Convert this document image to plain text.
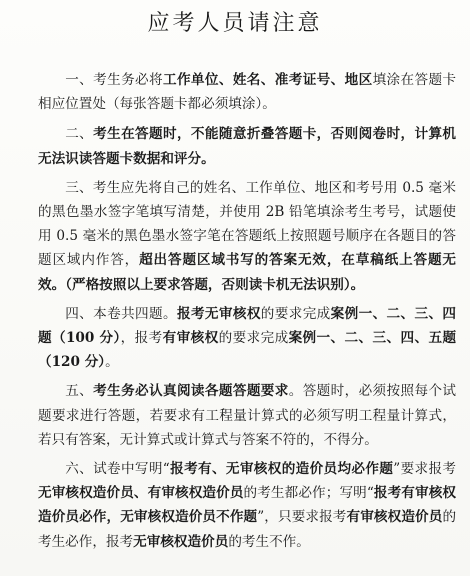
应考人员请注意

一、考生务必将工作单位、姓名、准考证号、地区填涂在答题卡相应位置处（每张答题卡都必须填涂）。

二、考生在答题时，不能随意折叠答题卡，否则阅卷时，计算机无法识读答题卡数据和评分。

三、考生应先将自己的姓名、工作单位、地区和考号用 0.5 毫米的黑色墨水签字笔填写清楚，并使用 2B 铅笔填涂考生考号，试题使用 0.5 毫米的黑色墨水签字笔在答题纸上按照题号顺序在各题目的答题区域内作答，超出答题区域书写的答案无效，在草稿纸上答题无效。（严格按照以上要求答题，否则读卡机无法识别）。

四、本卷共四题。报考无审核权的要求完成案例一、二、三、四题（100 分），报考有审核权的要求完成案例一、二、三、四、五题（120 分）。

五、考生务必认真阅读各题答题要求。答题时，必须按照每个试题要求进行答题，若要求有工程量计算式的必须写明工程量计算式，若只有答案，无计算式或计算式与答案不符的，不得分。

六、试卷中写明“报考有、无审核权的造价员均必作题”要求报考无审核权造价员、有审核权造价员的考生都必作；写明“报考有审核权造价员必作，无审核权造价员不作题”，只要求报考有审核权造价员的考生必作，报考无审核权造价员的考生不作。
